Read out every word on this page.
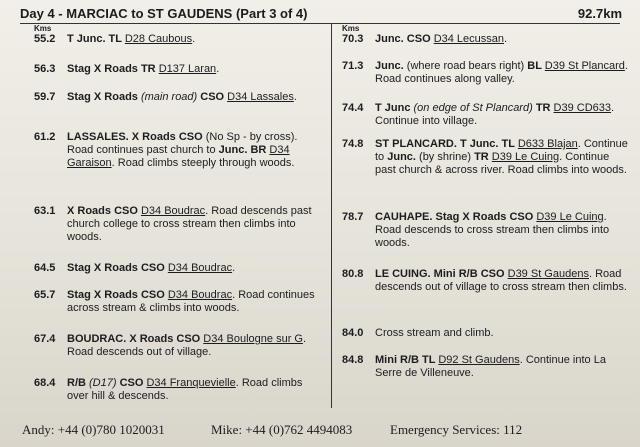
Day 4 - MARCIAC to ST GAUDENS (Part 3 of 4)	92.7km
Kms	Kms
55.2	T Junc. TL D28 Caubous.
56.3	Stag X Roads TR D137 Laran.
59.7	Stag X Roads (main road) CSO D34 Lassales.
61.2	LASSALES. X Roads CSO (No Sp - by cross). Road continues past church to Junc. BR D34 Garaison. Road climbs steeply through woods.
63.1	X Roads CSO D34 Boudrac. Road descends past church college to cross stream then climbs into woods.
64.5	Stag X Roads CSO D34 Boudrac.
65.7	Stag X Roads CSO D34 Boudrac. Road continues across stream & climbs into woods.
67.4	BOUDRAC. X Roads CSO D34 Boulogne sur G. Road descends out of village.
68.4	R/B (D17) CSO D34 Franquevielle. Road climbs over hill & descends.
70.3	Junc. CSO D34 Lecussan.
71.3	Junc. (where road bears right) BL D39 St Plancard. Road continues along valley.
74.4	T Junc (on edge of St Plancard) TR D39 CD633. Continue into village.
74.8	ST PLANCARD. T Junc. TL D633 Blajan. Continue to Junc. (by shrine) TR D39 Le Cuing. Continue past church & across river. Road climbs into woods.
78.7	CAUHAPE. Stag X Roads CSO D39 Le Cuing. Road descends to cross stream then climbs into woods.
80.8	LE CUING. Mini R/B CSO D39 St Gaudens. Road descends out of village to cross stream then climbs.
84.0	Cross stream and climb.
84.8	Mini R/B TL D92 St Gaudens. Continue into La Serre de Villeneuve.
Andy: +44 (0)780 1020031	Mike: +44 (0)762 4494083	Emergency Services: 112
